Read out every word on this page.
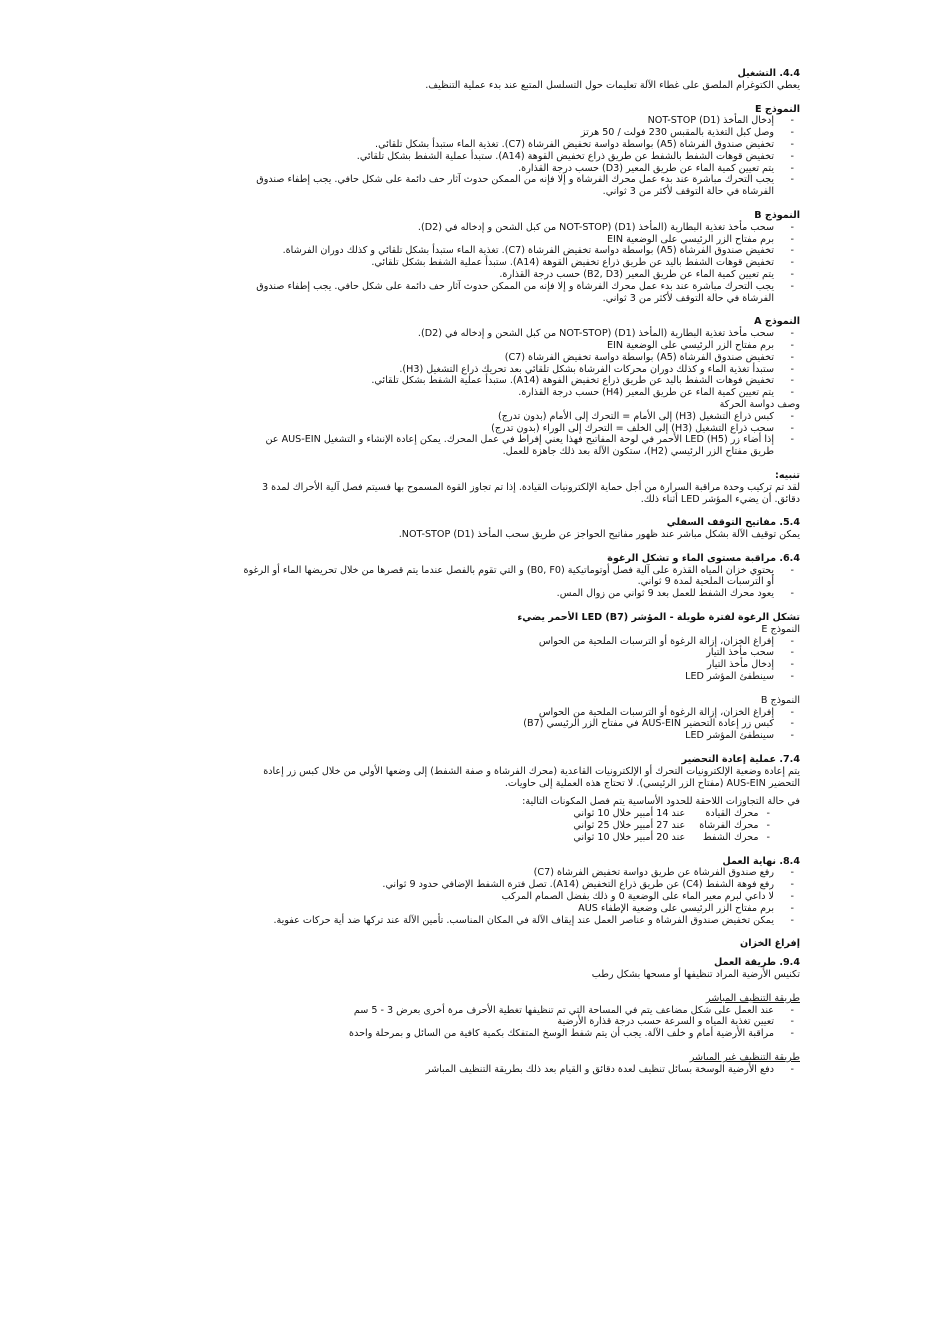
4.4. التشغيل

يعطي الكتوغرام الملصق على غطاء الآلة تعليمات حول التسلسل المتبع عند بدء عملية التنظيف.

النموذج E

- إدخال المأخذ (D1) NOT-STOP
- وصل كبل التغذية بالمقبس 230 فولت / 50 هرتز
- تخفيض صندوق الفرشاة (A5) بواسطة دواسة تخفيض الفرشاة (C7). تغذية الماء ستبدأ بشكل تلقائي.
- تخفيض قوهات الشفط بالشفط عن طريق ذراع تخفيض القوهة (A14). ستبدأ عملية الشفط بشكل تلقائي.
- يتم تعيين كمية الماء عن طريق المعير (D3) حسب درجة القذارة.
- يجب التحرك مباشرة عند بدء عمل محرك الفرشاة و إلا فإنه من الممكن حدوث آثار حف دائمة على شكل حافي. يجب إطفاء صندوق الفرشاة في حالة التوقف لأكثر من 3 ثواني.

النموذج B

- سحب مأخذ تغذية البطارية (المأخذ (D1) (NOT-STOP من كبل الشحن و إدخاله في (D2).
- برم مفتاح الزر الرئيسي على الوضعية EIN
- تخفيض صندوق الفرشاة (A5) بواسطة دواسة تخفيض الفرشاة (C7). تغذية الماء ستبدأ بشكل تلقائي و كذلك دوران الفرشاة.
- تخفيض قوهات الشفط باليد عن طريق ذراع تخفيض القوهة (A14). ستبدأ عملية الشفط بشكل تلقائي.
- يتم تعيين كمية الماء عن طريق المعير (B2, D3) حسب درجة القذارة.
- يجب التحرك مباشرة عند بدء عمل محرك الفرشاة و إلا فإنه من الممكن حدوث آثار حف دائمة على شكل حافي. يجب إطفاء صندوق الفرشاة في حالة التوقف لأكثر من 3 ثواني.

النموذج A

- سحب مأخذ تغذية البطارية (المأخذ (D1) (NOT-STOP من كبل الشحن و إدخاله في (D2).
- برم مفتاح الزر الرئيسي على الوضعية EIN
- تخفيض صندوق الفرشاة (A5) بواسطة دواسة تخفيض الفرشاة (C7)
- ستبدأ تغذية الماء و كذلك دوران محركات الفرشاة بشكل تلقائي بعد تحريك ذراع التشغيل (H3).
- تخفيض فوهات الشفط باليد عن طريق ذراع تخفيض الفوهة (A14). ستبدأ عملية الشفط بشكل تلقائي.
- يتم تعيين كمية الماء عن طريق المعير (H4) حسب درجة القذارة.

وصف دواسة الحركة

- كبس ذراع التشغيل (H3) إلى الأمام = التحرك إلى الأمام (بدون تدرج)
- سحب ذراع التشغيل (H3) إلى الخلف = التحرك إلى الوراء (بدون تدرج)
- إذا أضاء زر LED (H5) الأحمر في لوحة المفاتيح فهذا يعني إفراط في عمل المحرك. يمكن إعادة الإنشاء و التشغيل AUS-EIN عن طريق مفتاح الزر الرئيسي (H2)، ستكون الآلة بعد ذلك جاهزة للعمل.

تنبيه:

لقد تم تركيب وحدة مراقبة السرارة من أجل حماية الإلكترونيات القيادة. إذا تم تجاوز القوة المسموح بها فسيتم فصل آلية الأحراك لمدة 3 دقائق. أن يضيء المؤشر LED أثناء ذلك.

5.4. مفاتيح التوقف السفلي

يمكن توقيف الآلة بشكل مباشر عند ظهور مفاتيح الحواجز عن طريق سحب المأخذ (D1) NOT-STOP.

6.4. مراقبة مستوى الماء و تشكل الرغوة

- يحتوي خزان المياه القذرة على آلية فصل أوتوماتيكية (B0, F0) و التي تقوم بالفصل عندما يتم قصرها من خلال تحريضها الماء أو الرغوة أو الترسبات الملحية لمدة 9 ثواني.
- يعود محرك الشفط للعمل بعد 9 ثواني من زوال المس.

تشكل الرغوة لفترة طويلة - المؤشر LED (B7) الأحمر يضيء

النموذج E

- إفراغ الخزان، إزالة الرغوة أو الترسبات الملحية من الحواس
- سحب مأخذ التيار
- إدخال مأخذ التيار
- سينطفئ المؤشر LED

النموذج B

- إفراغ الخزان، إزالة الرغوة أو الترسبات الملحية من الحواس
- كبس زر إعادة التحضير AUS-EIN في مفتاح الزر الرئيسي (B7)
- سينطفئ المؤشر LED

7.4. عملية إعادة التحضير

يتم إعادة وضعية الإلكترونيات التحرك أو الإلكترونيات القاعدية (محرك الفرشاة و صفة الشفط) إلى وضعها الأولي من خلال كبس زر إعادة التحضير AUS-EIN (مفتاح الزر الرئيسي). لا تحتاج هذه العملية إلى حاويات.

في حالة التجاوزات اللاحقة للحدود الأساسية يتم فصل المكونات التالية:

-	محرك القيادة	عند 14 أمبير خلال 10 ثواني
-	محرك الفرشاة	عند 27 أمبير خلال 25 ثواني
-	محرك الشفط	عند 20 أمبير خلال 10 ثواني

8.4. نهاية العمل

- رفع صندوق الفرشاة عن طريق دواسة تخفيض الفرشاة (C7)
- رفع فوهة الشفط (C4) عن طريق ذراع التخفيض (A14). تصل فترة الشفط الإضافي حدود 9 ثواني.
- لا داعي لبرم معير الماء على الوضعية 0 و ذلك بفضل الصمام المركب
- برم مفتاح الزر الرئيسي على وضعية الإطفاء AUS
- يمكن تخفيض صندوق الفرشاة و عناصر العمل عند إيقاف الآلة في المكان المناسب. تأمين الآلة عند تركها ضد أية حركات عفوية.

إفراغ الخزان

9.4. طريقة العمل

تكنيس الأرضية المراد تنظيفها أو مسحها بشكل رطب

طريقة التنظيف المباشر

- عند العمل على شكل مضاعف يتم في المساحة التي تم تنظيفها تغطية الأحرف مرة أخرى بعرض 3 - 5 سم
- تعيين تغذية المياه و السرعة حسب درجة قذارة الأرضية
- مراقبة الأرضية أمام و خلف الآلة. يجب أن يتم شفط الوسخ المتفكك بكمية كافية من السائل و بمرحلة واحدة

طريقة التنظيف غير المباشر

- دفع الأرضية الوسخة بسائل تنظيف لعدة دقائق و القيام بعد ذلك بطريقة التنظيف المباشر
